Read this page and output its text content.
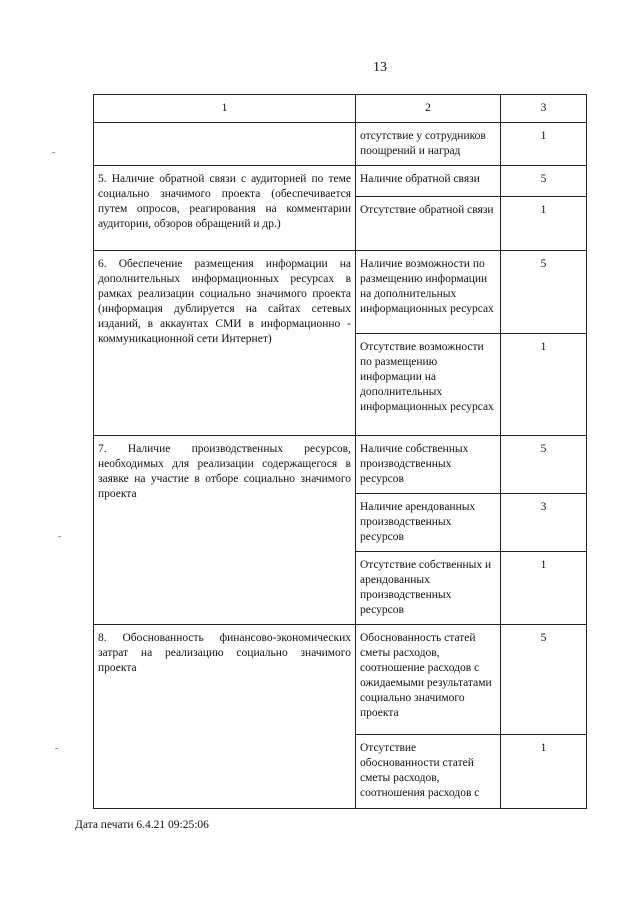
13
1	2	3
	отсутствие у сотрудников поощрений и наград	1
5. Наличие обратной связи с аудиторией по теме социально значимого проекта (обеспечивается путем опросов, реагирования на комментарии аудитории, обзоров обращений и др.)	Наличие обратной связи	5
	Отсутствие обратной связи	1
6. Обеспечение размещения информации на дополнительных информационных ресурсах в рамках реализации социально значимого проекта (информация дублируется на сайтах сетевых изданий, в аккаунтах СМИ в информационно - коммуникационной сети Интернет)	Наличие возможности по размещению информации на дополнительных информационных ресурсах	5
	Отсутствие возможности по размещению информации на дополнительных информационных ресурсах	1
7. Наличие производственных ресурсов, необходимых для реализации содержащегося в заявке на участие в отборе социально значимого проекта	Наличие собственных производственных ресурсов	5
	Наличие арендованных производственных ресурсов	3
	Отсутствие собственных и арендованных производственных ресурсов	1
8. Обоснованность финансово-экономических затрат на реализацию социально значимого проекта	Обоснованность статей сметы расходов, соотношение расходов с ожидаемыми результатами социально значимого проекта	5
	Отсутствие обоснованности статей сметы расходов, соотношения расходов с	1
Дата печати 6.4.21 09:25:06
